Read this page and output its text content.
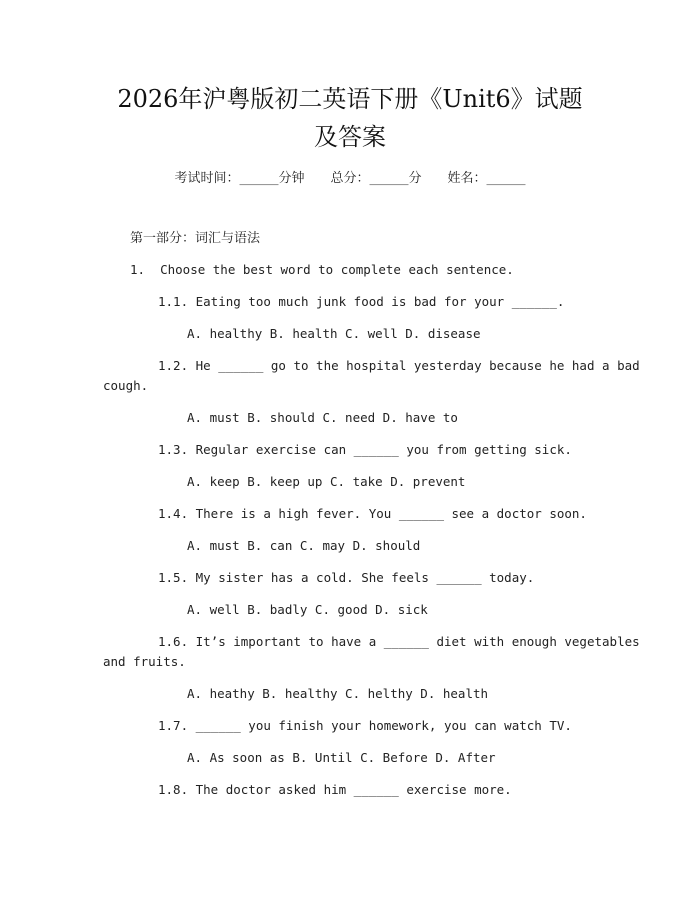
2026年沪粤版初二英语下册《Unit6》试题
及答案
考试时间：______分钟 总分：______分 姓名：______
第一部分：词汇与语法
1.  Choose the best word to complete each sentence.
1.1. Eating too much junk food is bad for your ______.
A. healthy B. health C. well D. disease
1.2. He ______ go to the hospital yesterday because he had a bad
cough.
A. must B. should C. need D. have to
1.3. Regular exercise can ______ you from getting sick.
A. keep B. keep up C. take D. prevent
1.4. There is a high fever. You ______ see a doctor soon.
A. must B. can C. may D. should
1.5. My sister has a cold. She feels ______ today.
A. well B. badly C. good D. sick
1.6. It’s important to have a ______ diet with enough vegetables
and fruits.
A. heathy B. healthy C. helthy D. health
1.7. ______ you finish your homework, you can watch TV.
A. As soon as B. Until C. Before D. After
1.8. The doctor asked him ______ exercise more.
